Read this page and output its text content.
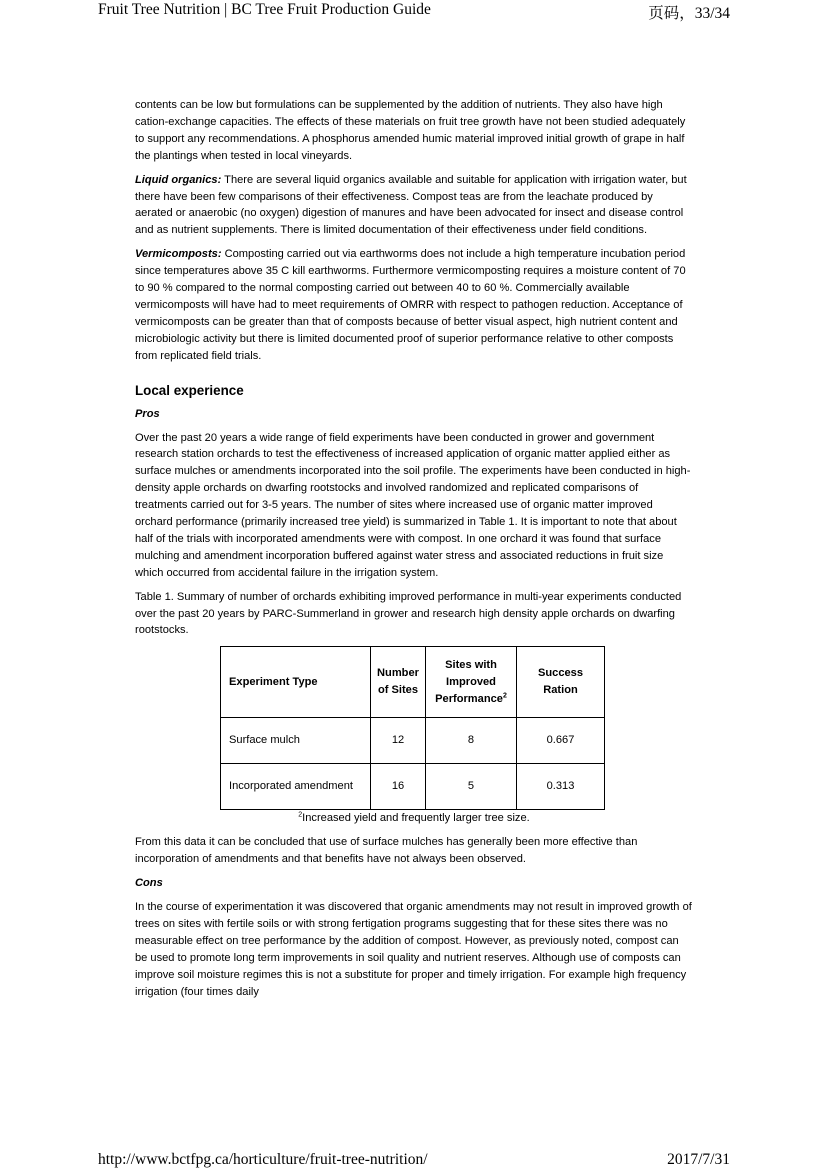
Fruit Tree Nutrition | BC Tree Fruit Production Guide	页码，33/34

contents can be low but formulations can be supplemented by the addition of nutrients. They also have high cation-exchange capacities. The effects of these materials on fruit tree growth have not been studied adequately to support any recommendations. A phosphorus amended humic material improved initial growth of grape in half the plantings when tested in local vineyards.

Liquid organics: There are several liquid organics available and suitable for application with irrigation water, but there have been few comparisons of their effectiveness. Compost teas are from the leachate produced by aerated or anaerobic (no oxygen) digestion of manures and have been advocated for insect and disease control and as nutrient supplements. There is limited documentation of their effectiveness under field conditions.

Vermicomposts: Composting carried out via earthworms does not include a high temperature incubation period since temperatures above 35 C kill earthworms. Furthermore vermicomposting requires a moisture content of 70 to 90 % compared to the normal composting carried out between 40 to 60 %. Commercially available vermicomposts will have had to meet requirements of OMRR with respect to pathogen reduction. Acceptance of vermicomposts can be greater than that of composts because of better visual aspect, high nutrient content and microbiologic activity but there is limited documented proof of superior performance relative to other composts from replicated field trials.

Local experience

Pros

Over the past 20 years a wide range of field experiments have been conducted in grower and government research station orchards to test the effectiveness of increased application of organic matter applied either as surface mulches or amendments incorporated into the soil profile. The experiments have been conducted in high-density apple orchards on dwarfing rootstocks and involved randomized and replicated comparisons of treatments carried out for 3-5 years. The number of sites where increased use of organic matter improved orchard performance (primarily increased tree yield) is summarized in Table 1. It is important to note that about half of the trials with incorporated amendments were with compost. In one orchard it was found that surface mulching and amendment incorporation buffered against water stress and associated reductions in fruit size which occurred from accidental failure in the irrigation system.

Table 1. Summary of number of orchards exhibiting improved performance in multi-year experiments conducted over the past 20 years by PARC-Summerland in grower and research high density apple orchards on dwarfing rootstocks.

Experiment Type	Number of Sites	Sites with Improved Performance$^2$	Success Ration
Surface mulch	12	8	0.667
Incorporated amendment	16	5	0.313

$^2$Increased yield and frequently larger tree size.

From this data it can be concluded that use of surface mulches has generally been more effective than incorporation of amendments and that benefits have not always been observed.

Cons

In the course of experimentation it was discovered that organic amendments may not result in improved growth of trees on sites with fertile soils or with strong fertigation programs suggesting that for these sites there was no measurable effect on tree performance by the addition of compost. However, as previously noted, compost can be used to promote long term improvements in soil quality and nutrient reserves. Although use of composts can improve soil moisture regimes this is not a substitute for proper and timely irrigation. For example high frequency irrigation (four times daily

http://www.bctfpg.ca/horticulture/fruit-tree-nutrition/	2017/7/31
